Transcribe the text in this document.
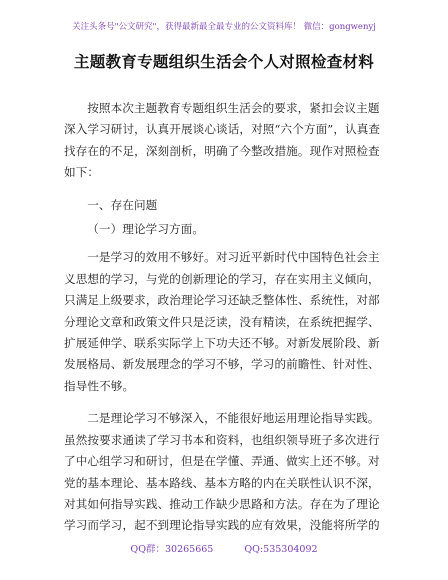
关注头条号"公文研究"，获得最新最全最专业的公文资料库！ 微信：gongwenyj
主题教育专题组织生活会个人对照检查材料

按照本次主题教育专题组织生活会的要求，紧扣会议主题深入学习研讨，认真开展谈心谈话，对照“六个方面”，认真查找存在的不足，深刻剖析，明确了今整改措施。现作对照检查如下：

一、存在问题

（一）理论学习方面。

一是学习的效用不够好。对习近平新时代中国特色社会主义思想的学习，与党的创新理论的学习，存在实用主义倾向，只满足上级要求，政治理论学习还缺乏整体性、系统性，对部分理论文章和政策文件只是泛读，没有精读，在系统把握学、扩展延伸学、联系实际学上下功夫还不够。对新发展阶段、新发展格局、新发展理念的学习不够，学习的前瞻性、针对性、指导性不够。

二是理论学习不够深入，不能很好地运用理论指导实践。虽然按要求通读了学习书本和资料，也组织领导班子多次进行了中心组学习和研讨，但是在学懂、弄通、做实上还不够。对党的基本理论、基本路线、基本方略的内在关联性认识不深，对其如何指导实践、推动工作缺少思路和方法。存在为了理论学习而学习，起不到理论指导实践的应有效果，没能将所学的

QQ群：30265665	QQ:535304092
